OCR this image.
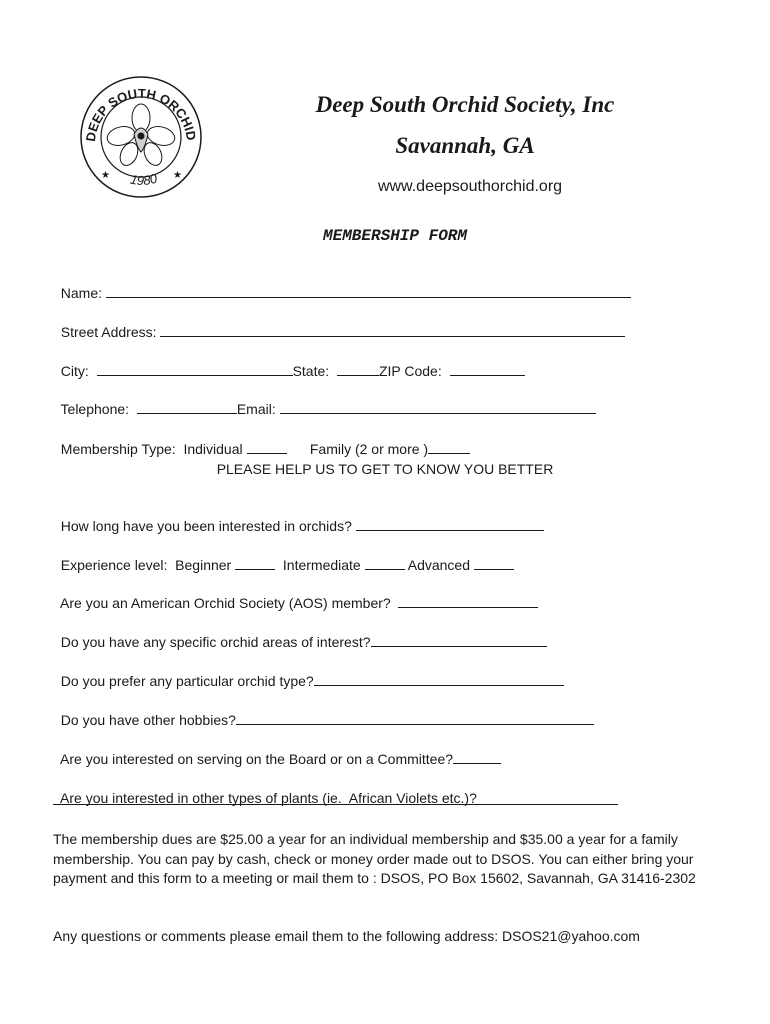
DEEP SOUTH ORCHID
1980
★	★
Deep South Orchid Society, Inc
Savannah, GA
www.deepsouthorchid.org
MEMBERSHIP FORM

Name:

Street Address:

City:	State:	ZIP Code:

Telephone:	Email:

Membership Type:  Individual	Family (2 or more )

PLEASE HELP US TO GET TO KNOW YOU BETTER

How long have you been interested in orchids?

Experience level:  Beginner	Intermediate	Advanced

Are you an American Orchid Society (AOS) member?

Do you have any specific orchid areas of interest?

Do you prefer any particular orchid type?

Do you have other hobbies?

Are you interested on serving on the Board or on a Committee?

Are you interested in other types of plants (ie.  African Violets etc.)?

The membership dues are $25.00 a year for an individual membership and $35.00 a year for a family membership. You can pay by cash, check or money order made out to DSOS. You can either bring your payment and this form to a meeting or mail them to : DSOS, PO Box 15602, Savannah, GA 31416-2302
Any questions or comments please email them to the following address: DSOS21@yahoo.com
